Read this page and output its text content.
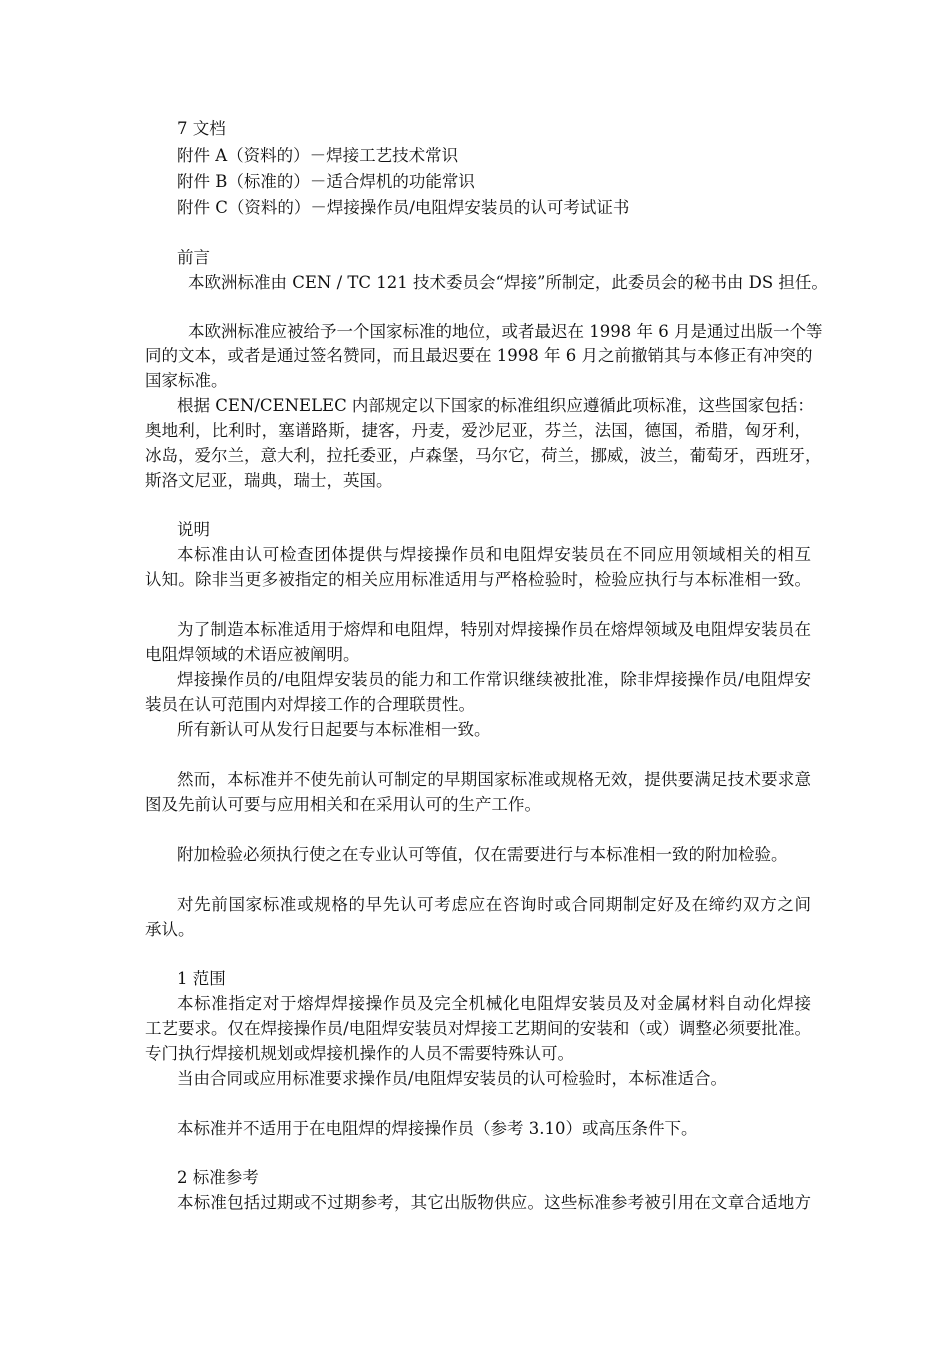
7 文档
附件 A（资料的）－焊接工艺技术常识
附件 B（标准的）－适合焊机的功能常识
附件 C（资料的）－焊接操作员/电阻焊安装员的认可考试证书
前言
本欧洲标准由 CEN / TC 121 技术委员会“焊接”所制定，此委员会的秘书由 DS 担任。
本欧洲标准应被给予一个国家标准的地位，或者最迟在 1998 年 6 月是通过出版一个等
同的文本，或者是通过签名赞同，而且最迟要在 1998 年 6 月之前撤销其与本修正有冲突的
国家标准。
根据 CEN/CENELEC 内部规定以下国家的标准组织应遵循此项标准，这些国家包括：
奥地利，比利时，塞谱路斯，捷客，丹麦，爱沙尼亚，芬兰，法国，德国，希腊，匈牙利，
冰岛，爱尔兰，意大利，拉托委亚，卢森堡，马尔它，荷兰，挪威，波兰，葡萄牙，西班牙，
斯洛文尼亚，瑞典，瑞士，英国。
说明
本标准由认可检查团体提供与焊接操作员和电阻焊安装员在不同应用领域相关的相互
认知。除非当更多被指定的相关应用标准适用与严格检验时，检验应执行与本标准相一致。
为了制造本标准适用于熔焊和电阻焊，特别对焊接操作员在熔焊领域及电阻焊安装员在
电阻焊领域的术语应被阐明。
焊接操作员的/电阻焊安装员的能力和工作常识继续被批准，除非焊接操作员/电阻焊安
装员在认可范围内对焊接工作的合理联贯性。
所有新认可从发行日起要与本标准相一致。
然而，本标准并不使先前认可制定的早期国家标准或规格无效，提供要满足技术要求意
图及先前认可要与应用相关和在采用认可的生产工作。
附加检验必须执行使之在专业认可等值，仅在需要进行与本标准相一致的附加检验。
对先前国家标准或规格的早先认可考虑应在咨询时或合同期制定好及在缔约双方之间
承认。
1 范围
本标准指定对于熔焊焊接操作员及完全机械化电阻焊安装员及对金属材料自动化焊接
工艺要求。仅在焊接操作员/电阻焊安装员对焊接工艺期间的安装和（或）调整必须要批准。
专门执行焊接机规划或焊接机操作的人员不需要特殊认可。
当由合同或应用标准要求操作员/电阻焊安装员的认可检验时，本标准适合。
本标准并不适用于在电阻焊的焊接操作员（参考 3.10）或高压条件下。
2 标准参考
本标准包括过期或不过期参考，其它出版物供应。这些标准参考被引用在文章合适地方
